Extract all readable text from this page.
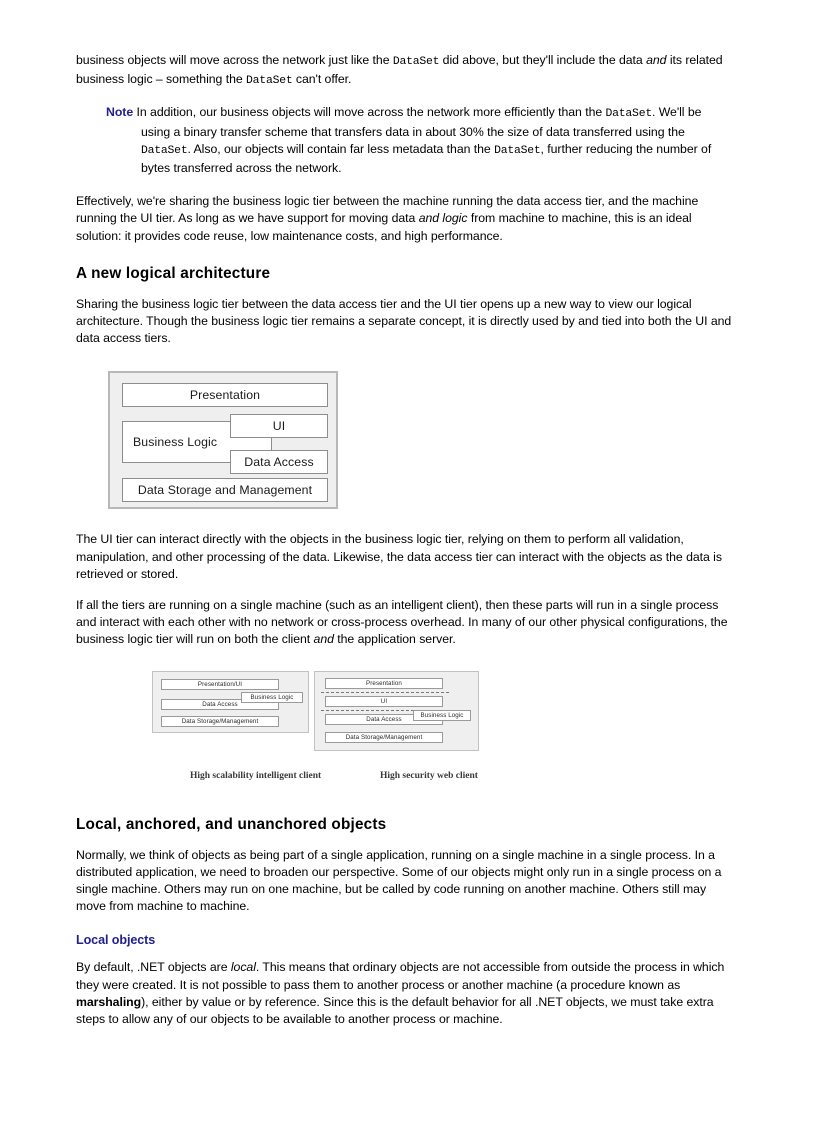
business objects will move across the network just like the DataSet did above, but they'll include the data and its related business logic – something the DataSet can't offer.

Note In addition, our business objects will move across the network more efficiently than the DataSet. We'll be using a binary transfer scheme that transfers data in about 30% the size of data transferred using the DataSet. Also, our objects will contain far less metadata than the DataSet, further reducing the number of bytes transferred across the network.

Effectively, we're sharing the business logic tier between the machine running the data access tier, and the machine running the UI tier. As long as we have support for moving data and logic from machine to machine, this is an ideal solution: it provides code reuse, low maintenance costs, and high performance.

A new logical architecture

Sharing the business logic tier between the data access tier and the UI tier opens up a new way to view our logical architecture. Though the business logic tier remains a separate concept, it is directly used by and tied into both the UI and data access tiers.

Presentation
Business Logic
UI
Data Access
Data Storage and Management

The UI tier can interact directly with the objects in the business logic tier, relying on them to perform all validation, manipulation, and other processing of the data. Likewise, the data access tier can interact with the objects as the data is retrieved or stored.

If all the tiers are running on a single machine (such as an intelligent client), then these parts will run in a single process and interact with each other with no network or cross-process overhead. In many of our other physical configurations, the business logic tier will run on both the client and the application server.

Presentation/UI
Data Access
Business Logic
Data Storage/Management
Presentation
UI
Data Access
Business Logic
Data Storage/Management
High scalability intelligent client	High security web client
Local, anchored, and unanchored objects

Normally, we think of objects as being part of a single application, running on a single machine in a single process. In a distributed application, we need to broaden our perspective. Some of our objects might only run in a single process on a single machine. Others may run on one machine, but be called by code running on another machine. Others still may move from machine to machine.

Local objects

By default, .NET objects are local. This means that ordinary objects are not accessible from outside the process in which they were created. It is not possible to pass them to another process or another machine (a procedure known as marshaling), either by value or by reference. Since this is the default behavior for all .NET objects, we must take extra steps to allow any of our objects to be available to another process or machine.
